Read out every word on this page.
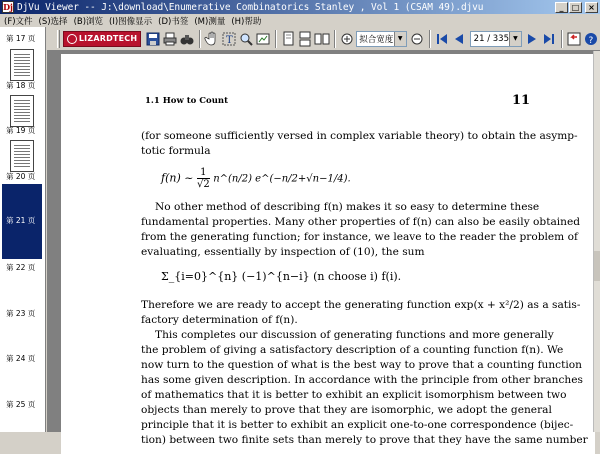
Dj DjVu Viewer -- J:\download\Enumerative Combinatorics Stanley , Vol 1 (CSAM 49).djvu	_	□	×
(F)文件 (S)选择 (B)浏览 (I)图像显示 (D)书签 (M)测量 (H)帮助
第 17 页
第 18 页
第 19 页
第 20 页
第 21 页
第 22 页
第 23 页
第 24 页
第 25 页
LIZARDTECH	T	拟合宽度 ▼	21 / 335 ▼	?
1.1 How to Count	11
(for someone sufficiently versed in complex variable theory) to obtain the asymp-
totic formula
f(n) ~ $\frac{1}{√2}$ n^(n/2) e^(−n/2+√n−1/4).
No other method of describing f(n) makes it so easy to determine these
fundamental properties. Many other properties of f(n) can also be easily obtained
from the generating function; for instance, we leave to the reader the problem of
evaluating, essentially by inspection of (10), the sum
Σ_{i=0}^{n} (−1)^{n−i} (n choose i) f(i).
Therefore we are ready to accept the generating function exp(x + x²/2) as a satis-
factory determination of f(n).
This completes our discussion of generating functions and more generally
the problem of giving a satisfactory description of a counting function f(n). We
now turn to the question of what is the best way to prove that a counting function
has some given description. In accordance with the principle from other branches
of mathematics that it is better to exhibit an explicit isomorphism between two
objects than merely to prove that they are isomorphic, we adopt the general
principle that it is better to exhibit an explicit one-to-one correspondence (bijec-
tion) between two finite sets than merely to prove that they have the same number
